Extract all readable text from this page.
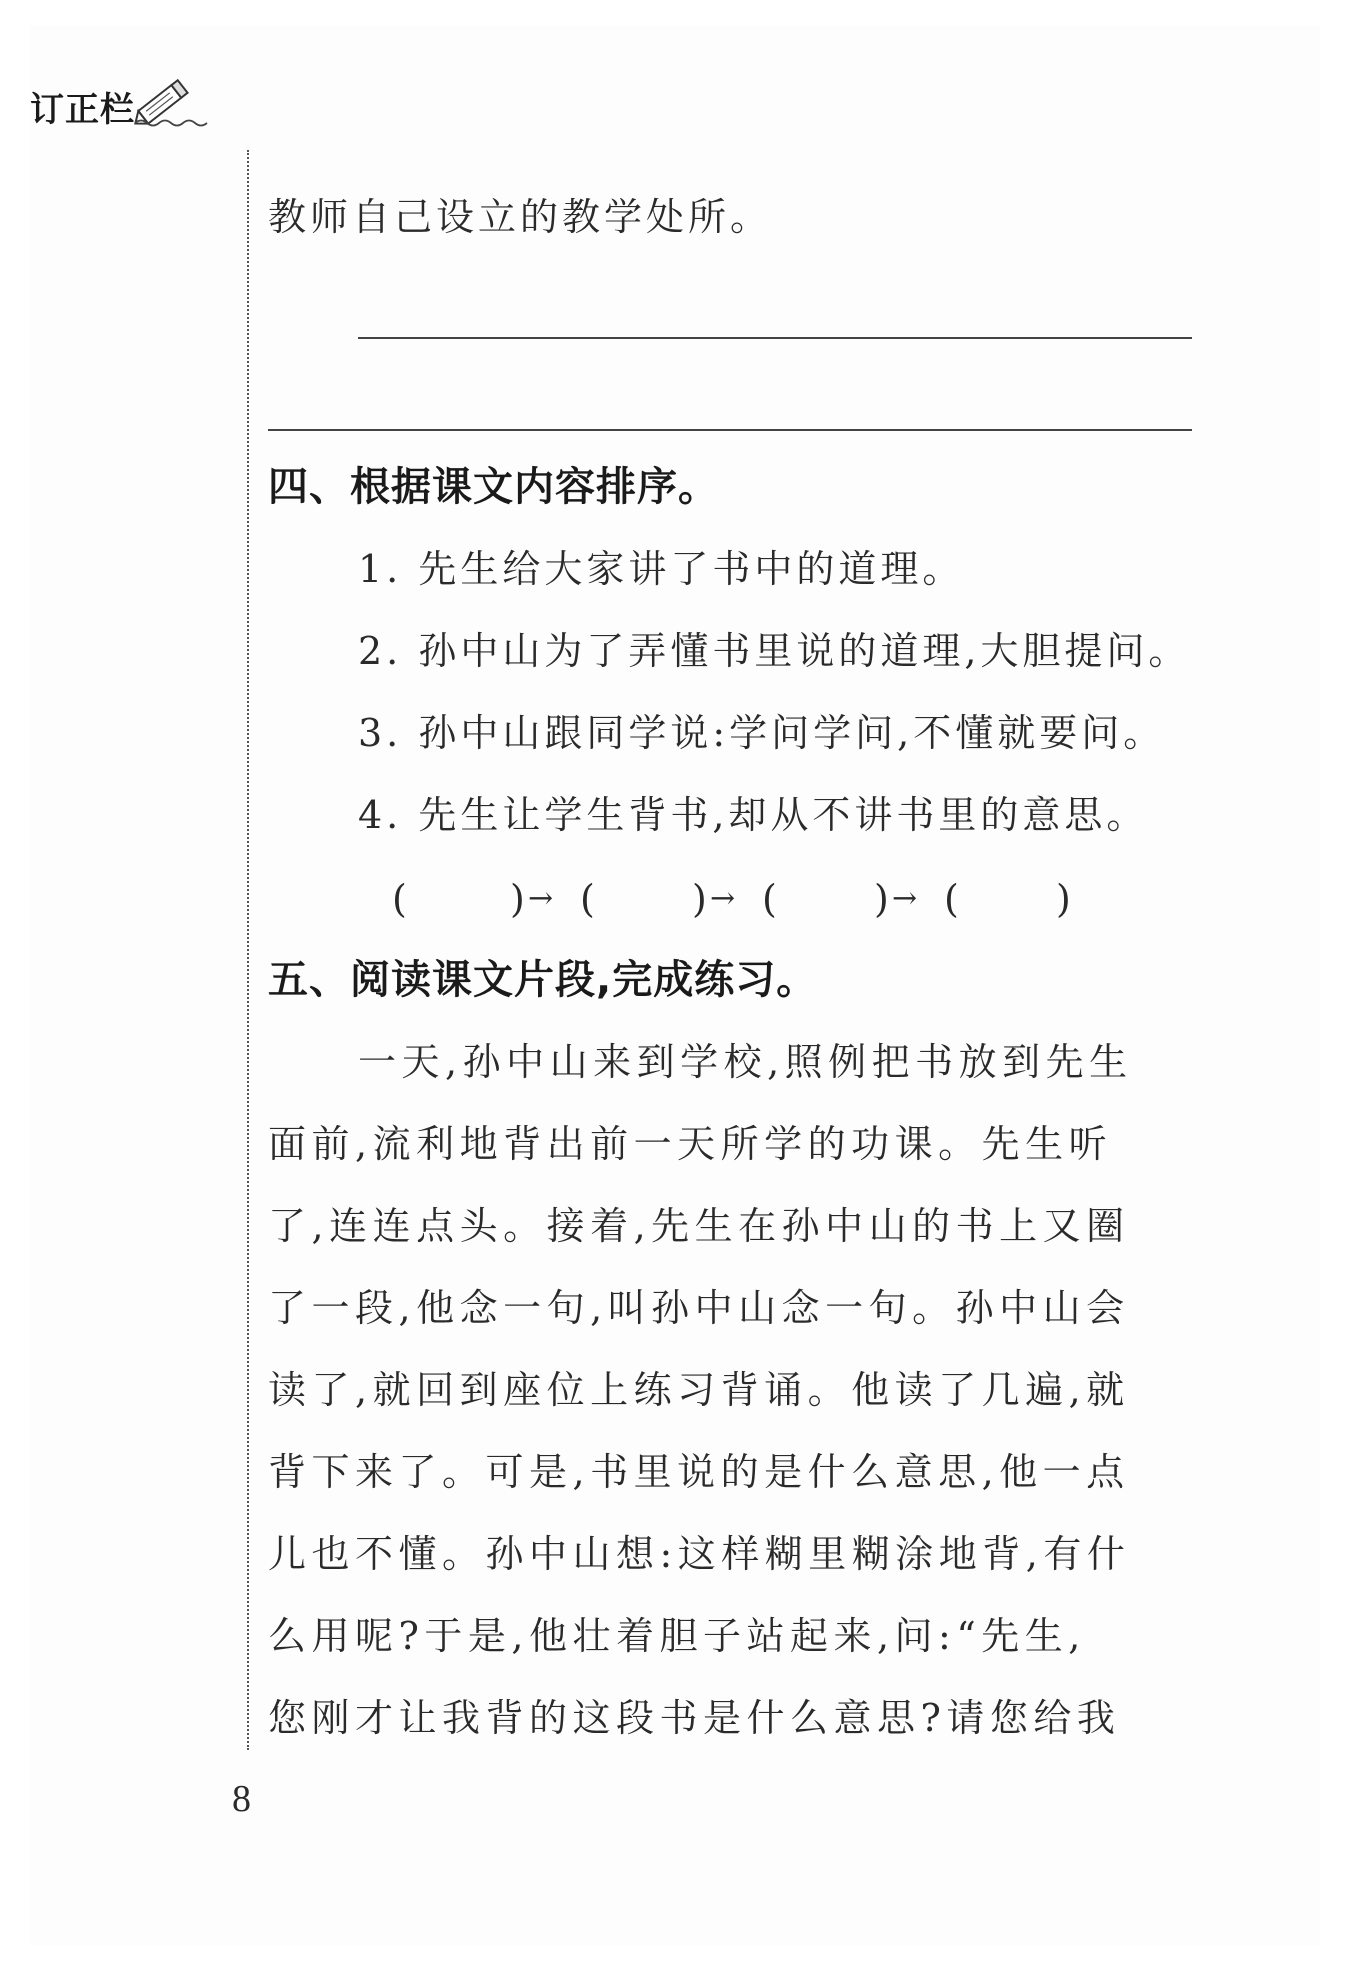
订正栏
教师自己设立的教学处所。
四、根据课文内容排序。
1. 先生给大家讲了书中的道理。
2. 孙中山为了弄懂书里说的道理,大胆提问。
3. 孙中山跟同学说:学问学问,不懂就要问。
4. 先生让学生背书,却从不讲书里的意思。
(	) → (	) → (	) → (	)
五、阅读课文片段,完成练习。
一天,孙中山来到学校,照例把书放到先生
面前,流利地背出前一天所学的功课。先生听
了,连连点头。接着,先生在孙中山的书上又圈
了一段,他念一句,叫孙中山念一句。孙中山会
读了,就回到座位上练习背诵。他读了几遍,就
背下来了。可是,书里说的是什么意思,他一点
儿也不懂。孙中山想:这样糊里糊涂地背,有什
么用呢?于是,他壮着胆子站起来,问:“先生,
您刚才让我背的这段书是什么意思?请您给我
8
